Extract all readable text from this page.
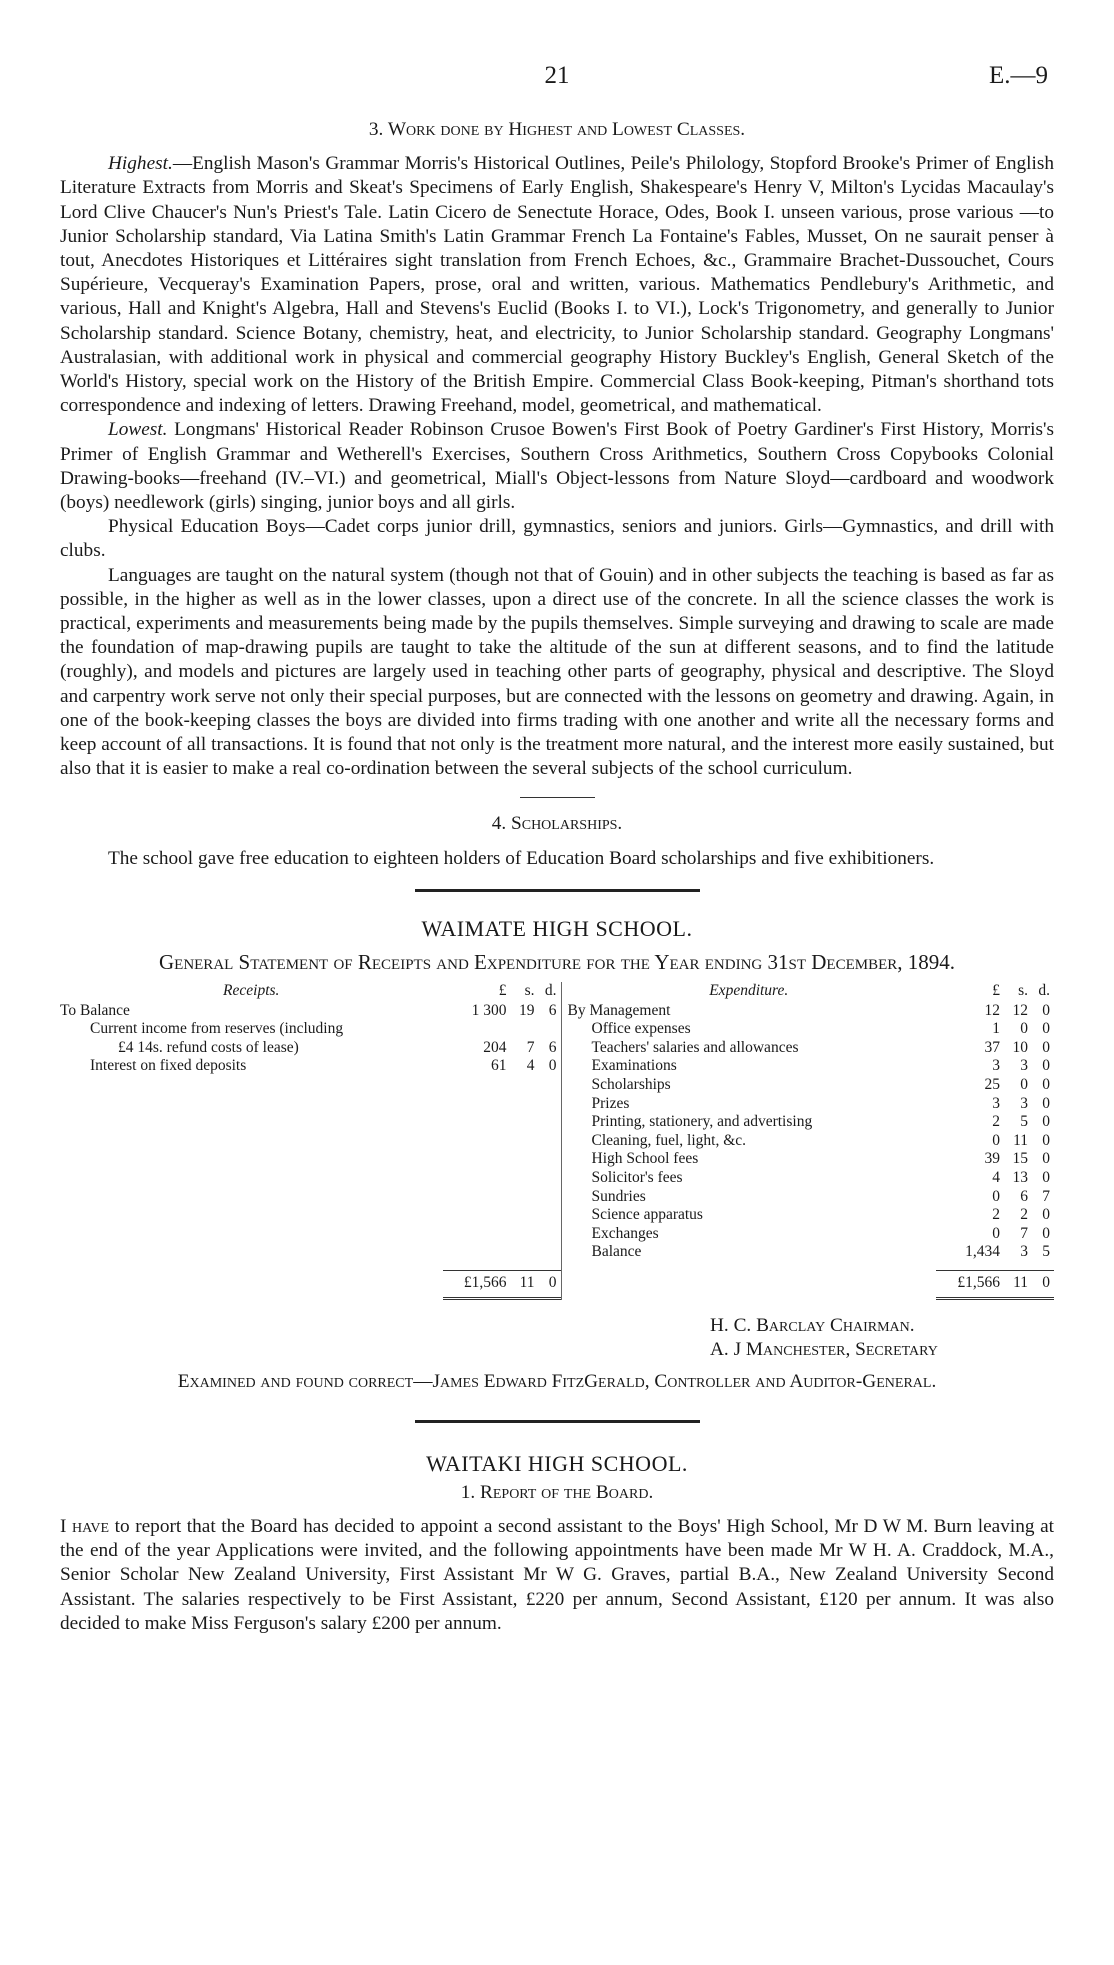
21	E.—9
3. Work done by Highest and Lowest Classes.

Highest.—English Mason's Grammar Morris's Historical Outlines, Peile's Philology, Stopford Brooke's Primer of English Literature Extracts from Morris and Skeat's Specimens of Early English, Shakespeare's Henry V, Milton's Lycidas Macaulay's Lord Clive Chaucer's Nun's Priest's Tale. Latin Cicero de Senectute Horace, Odes, Book I. unseen various, prose various —to Junior Scholarship standard, Via Latina Smith's Latin Grammar French La Fontaine's Fables, Musset, On ne saurait penser à tout, Anecdotes Historiques et Littéraires sight translation from French Echoes, &c., Grammaire Brachet-Dussouchet, Cours Supérieure, Vecqueray's Examination Papers, prose, oral and written, various. Mathematics Pendlebury's Arithmetic, and various, Hall and Knight's Algebra, Hall and Stevens's Euclid (Books I. to VI.), Lock's Trigonometry, and generally to Junior Scholarship standard. Science Botany, chemistry, heat, and electricity, to Junior Scholarship standard. Geography Longmans' Australasian, with additional work in physical and commercial geography History Buckley's English, General Sketch of the World's History, special work on the History of the British Empire. Commercial Class Book-keeping, Pitman's shorthand tots correspondence and indexing of letters. Drawing Freehand, model, geometrical, and mathematical.

Lowest. Longmans' Historical Reader Robinson Crusoe Bowen's First Book of Poetry Gardiner's First History, Morris's Primer of English Grammar and Wetherell's Exercises, Southern Cross Arithmetics, Southern Cross Copybooks Colonial Drawing-books—freehand (IV.–VI.) and geometrical, Miall's Object-lessons from Nature Sloyd—cardboard and woodwork (boys) needlework (girls) singing, junior boys and all girls.

Physical Education Boys—Cadet corps junior drill, gymnastics, seniors and juniors. Girls—Gymnastics, and drill with clubs.

Languages are taught on the natural system (though not that of Gouin) and in other subjects the teaching is based as far as possible, in the higher as well as in the lower classes, upon a direct use of the concrete. In all the science classes the work is practical, experiments and measurements being made by the pupils themselves. Simple surveying and drawing to scale are made the foundation of map-drawing pupils are taught to take the altitude of the sun at different seasons, and to find the latitude (roughly), and models and pictures are largely used in teaching other parts of geography, physical and descriptive. The Sloyd and carpentry work serve not only their special purposes, but are connected with the lessons on geometry and drawing. Again, in one of the book-keeping classes the boys are divided into firms trading with one another and write all the necessary forms and keep account of all transactions. It is found that not only is the treatment more natural, and the interest more easily sustained, but also that it is easier to make a real co-ordination between the several subjects of the school curriculum.

4. Scholarships.

The school gave free education to eighteen holders of Education Board scholarships and five exhibitioners.

WAIMATE HIGH SCHOOL.
General Statement of Receipts and Expenditure for the Year ending 31st December, 1894.
Receipts.	£	s. d.
To Balance	1 300 19 6
Current income from reserves (including
£4 14s. refund costs of lease)	204	7 6
Interest on fixed deposits	61	4 0
£1,566 11 0
Expenditure.	£	s. d.
By Management	12 12 0
Office expenses	1	0 0
Teachers' salaries and allowances	37 10 0
Examinations	3	3 0
Scholarships	25	0 0
Prizes	3	3 0
Printing, stationery, and advertising	2	5 0
Cleaning, fuel, light, &c.	0 11 0
High School fees	39 15 0
Solicitor's fees	4 13 0
Sundries	0	6 7
Science apparatus	2	2 0
Exchanges	0	7 0
Balance	1,434	3 5
£1,566 11 0
H. C. Barclay Chairman.
A. J Manchester, Secretary
Examined and found correct—James Edward FitzGerald, Controller and Auditor-General.
WAITAKI HIGH SCHOOL.
1. Report of the Board.

I have to report that the Board has decided to appoint a second assistant to the Boys' High School, Mr D W M. Burn leaving at the end of the year Applications were invited, and the following appointments have been made Mr W H. A. Craddock, M.A., Senior Scholar New Zealand University, First Assistant Mr W G. Graves, partial B.A., New Zealand University Second Assistant. The salaries respectively to be First Assistant, £220 per annum, Second Assistant, £120 per annum. It was also decided to make Miss Ferguson's salary £200 per annum.
